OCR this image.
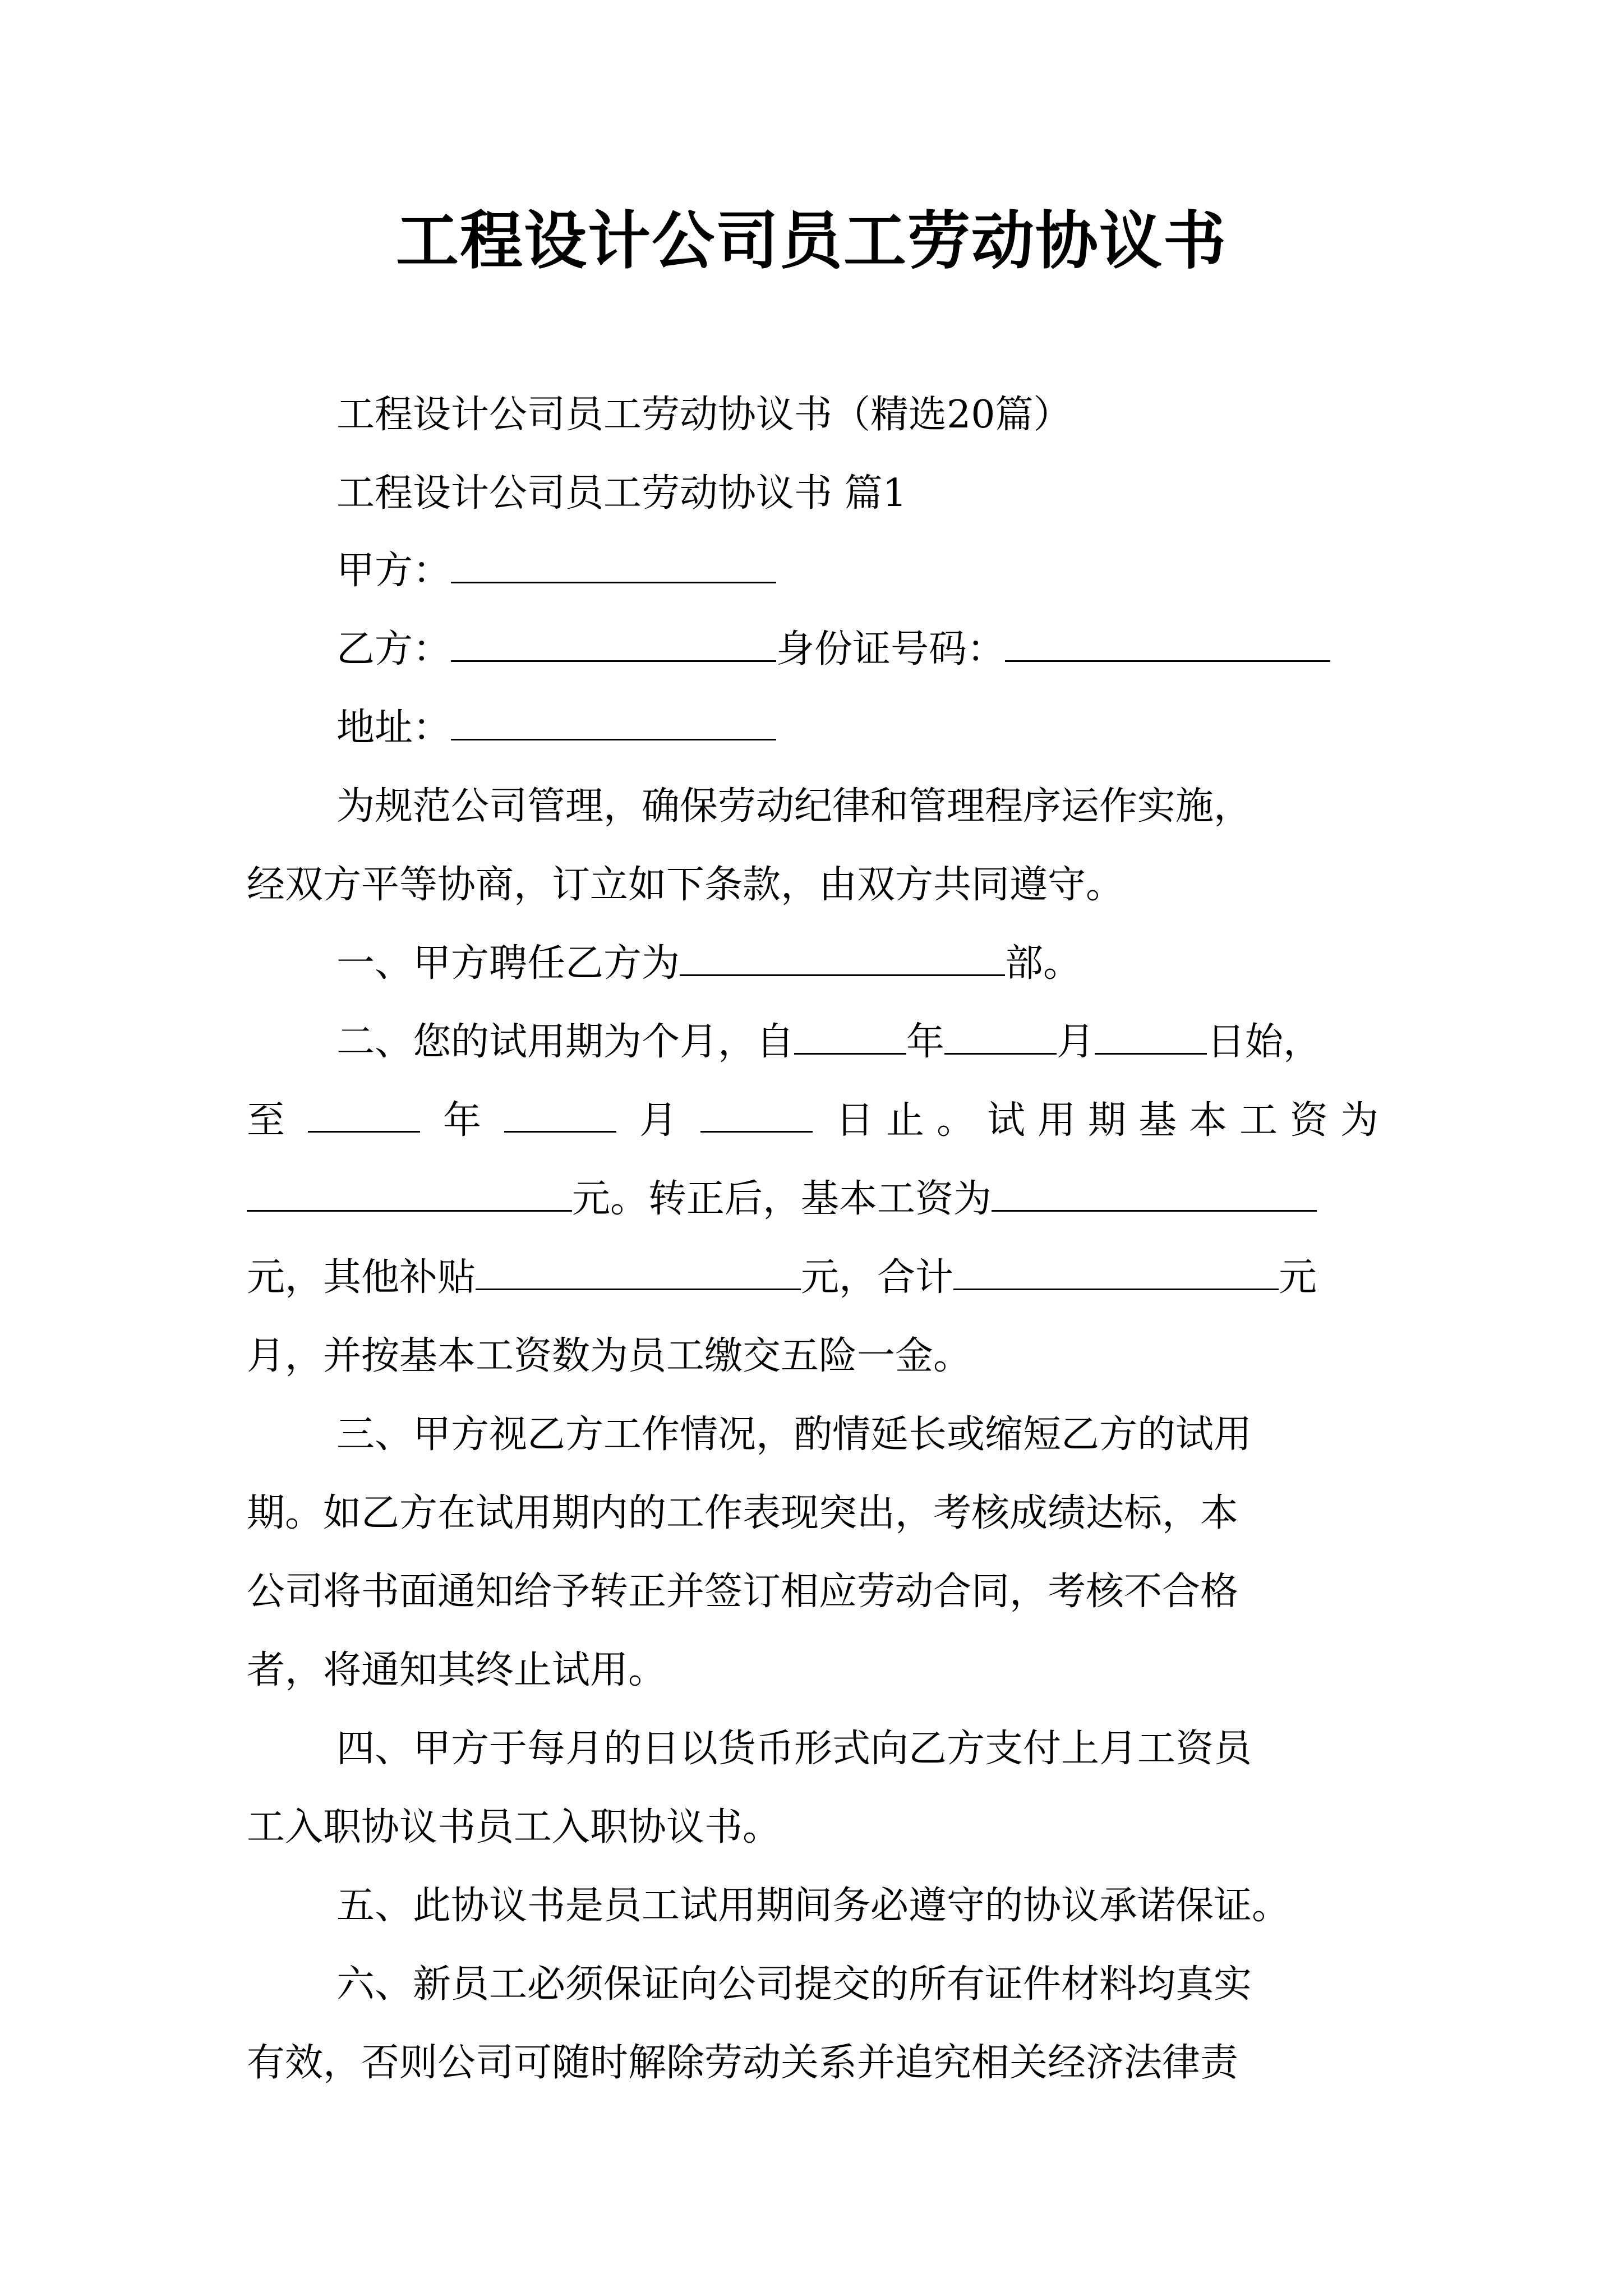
工程设计公司员工劳动协议书
工程设计公司员工劳动协议书（精选20篇）
工程设计公司员工劳动协议书 篇1
甲方：
乙方：	身份证号码：
地址：
为规范公司管理，确保劳动纪律和管理程序运作实施，
经双方平等协商，订立如下条款，由双方共同遵守。
一、甲方聘任乙方为	部。
二、您的试用期为个月，自	年	月	日始，
至	年	月	日止。试用期基本工资为
元。转正后，基本工资为
元，其他补贴	元，合计	元
月，并按基本工资数为员工缴交五险一金。
三、甲方视乙方工作情况，酌情延长或缩短乙方的试用
期。如乙方在试用期内的工作表现突出，考核成绩达标，本
公司将书面通知给予转正并签订相应劳动合同，考核不合格
者，将通知其终止试用。
四、甲方于每月的日以货币形式向乙方支付上月工资员
工入职协议书员工入职协议书。
五、此协议书是员工试用期间务必遵守的协议承诺保证。
六、新员工必须保证向公司提交的所有证件材料均真实
有效，否则公司可随时解除劳动关系并追究相关经济法律责
